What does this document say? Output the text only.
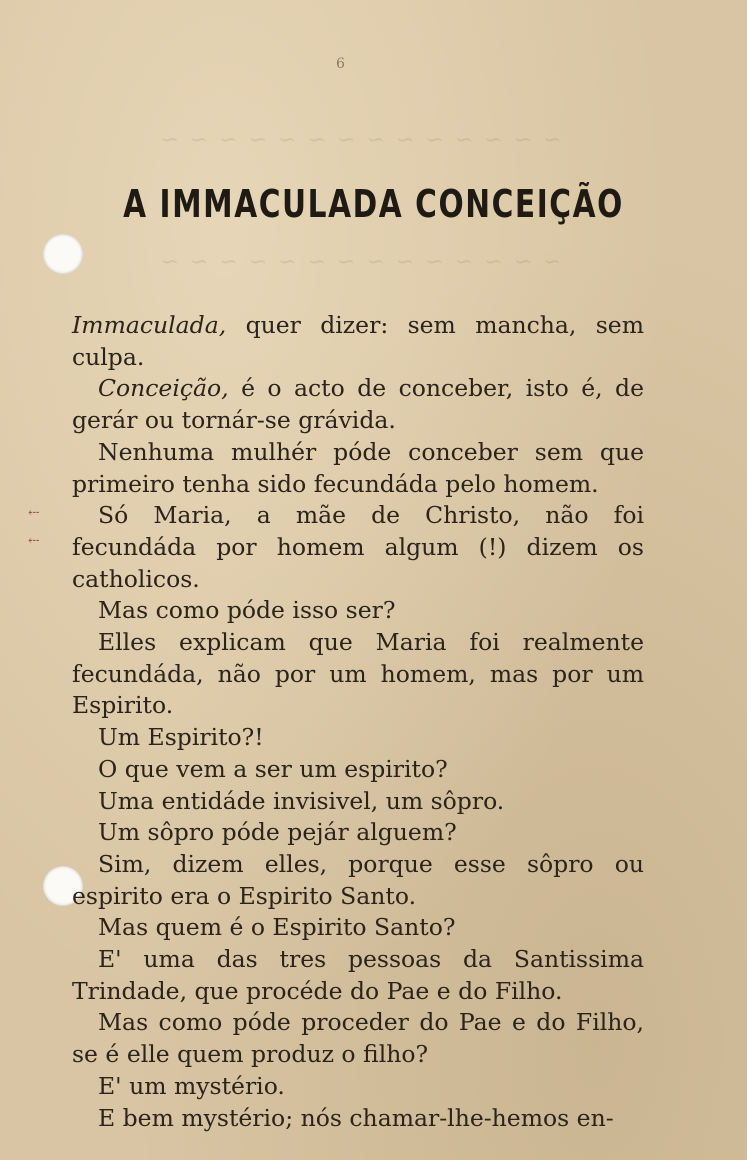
~ ~ ~ ~ ~ ~ ~ ~ ~ ~ ~ ~ ~ ~
~ ~ ~ ~ ~ ~ ~ ~ ~ ~ ~ ~ ~ ~
6
A IMMACULADA CONCEIÇÃO
⤎
⤎

Immaculada, quer dizer: sem mancha, sem culpa.

Conceição, é o acto de conceber, isto é, de gerár ou tornár-se grávida.

Nenhuma mulhér póde conceber sem que primeiro tenha sido fecundáda pelo homem.

Só Maria, a mãe de Christo, não foi fecundáda por homem algum (!) dizem os catholicos.

Mas como póde isso ser?

Elles explicam que Maria foi realmente fecundáda, não por um homem, mas por um Espirito.

Um Espirito?!

O que vem a ser um espirito?

Uma entidáde invisivel, um sôpro.

Um sôpro póde pejár alguem?

Sim, dizem elles, porque esse sôpro ou espirito era o Espirito Santo.

Mas quem é o Espirito Santo?

E' uma das tres pessoas da Santissima Trindade, que procéde do Pae e do Filho.

Mas como póde proceder do Pae e do Filho, se é elle quem produz o filho?

E' um mystério.

E bem mystério; nós chamar-lhe-hemos en-
